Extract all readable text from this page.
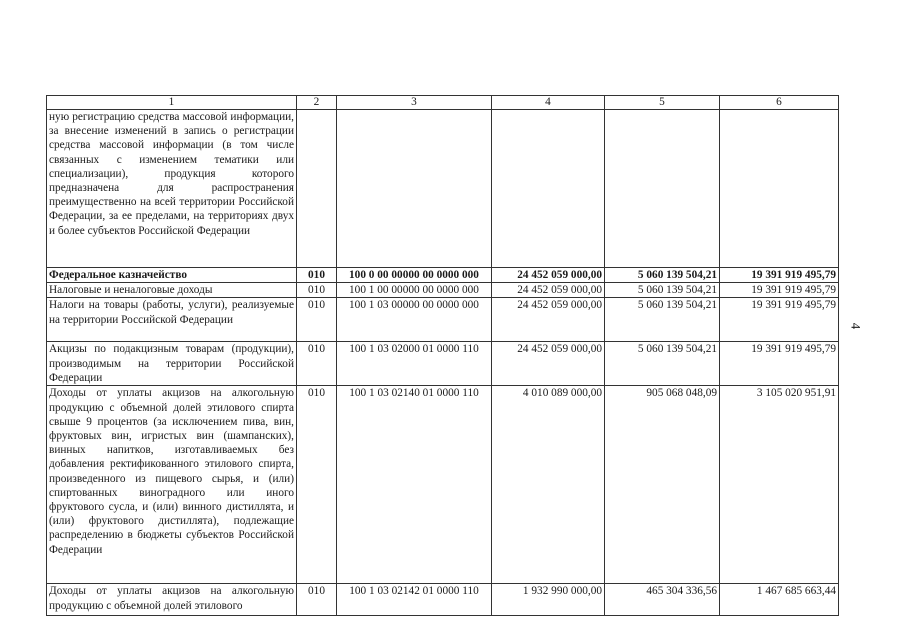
4
1	2	3	4	5	6
ную регистрацию средства массовой информации, за внесение изменений в запись о регистрации средства массовой информации (в том числе связанных с изменением тематики или специализации), продукция которого предназначена для распространения преимущественно на всей территории Российской Федерации, за ее пределами, на территориях двух и более субъектов Российской Федерации					
Федеральное казначейство	010	100 0 00 00000 00 0000 000	24 452 059 000,00	5 060 139 504,21	19 391 919 495,79
Налоговые и неналоговые доходы	010	100 1 00 00000 00 0000 000	24 452 059 000,00	5 060 139 504,21	19 391 919 495,79
Налоги на товары (работы, услуги), реализуемые на территории Российской Федерации	010	100 1 03 00000 00 0000 000	24 452 059 000,00	5 060 139 504,21	19 391 919 495,79
Акцизы по подакцизным товарам (продукции), производимым на территории Российской Федерации	010	100 1 03 02000 01 0000 110	24 452 059 000,00	5 060 139 504,21	19 391 919 495,79
Доходы от уплаты акцизов на алкогольную продукцию с объемной долей этилового спирта свыше 9 процентов (за исключением пива, вин, фруктовых вин, игристых вин (шампанских), винных напитков, изготавливаемых без добавления ректификованного этилового спирта, произведенного из пищевого сырья, и (или) спиртованных виноградного или иного фруктового сусла, и (или) винного дистиллята, и (или) фруктового дистиллята), подлежащие распределению в бюджеты субъектов Российской Федерации	010	100 1 03 02140 01 0000 110	4 010 089 000,00	905 068 048,09	3 105 020 951,91
Доходы от уплаты акцизов на алкогольную продукцию с объемной долей этилового	010	100 1 03 02142 01 0000 110	1 932 990 000,00	465 304 336,56	1 467 685 663,44
